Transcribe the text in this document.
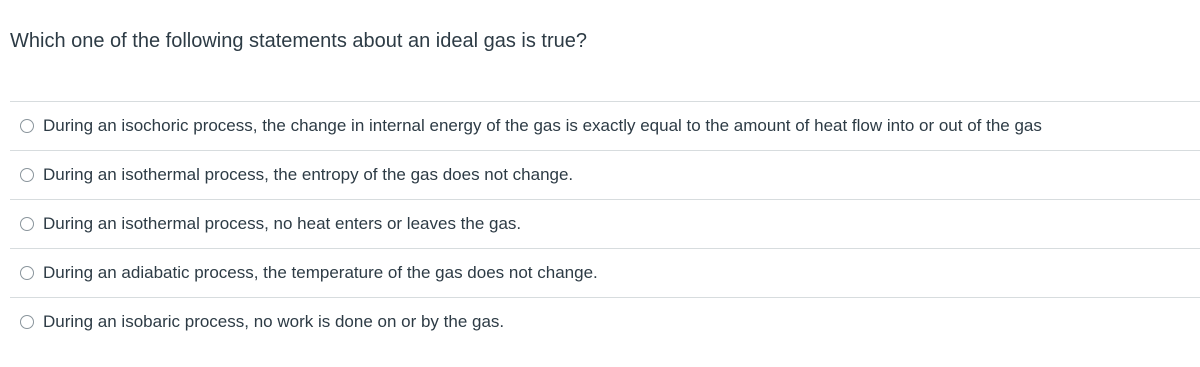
Which one of the following statements about an ideal gas is true?
During an isochoric process, the change in internal energy of the gas is exactly equal to the amount of heat flow into or out of the gas
During an isothermal process, the entropy of the gas does not change.
During an isothermal process, no heat enters or leaves the gas.
During an adiabatic process, the temperature of the gas does not change.
During an isobaric process, no work is done on or by the gas.
